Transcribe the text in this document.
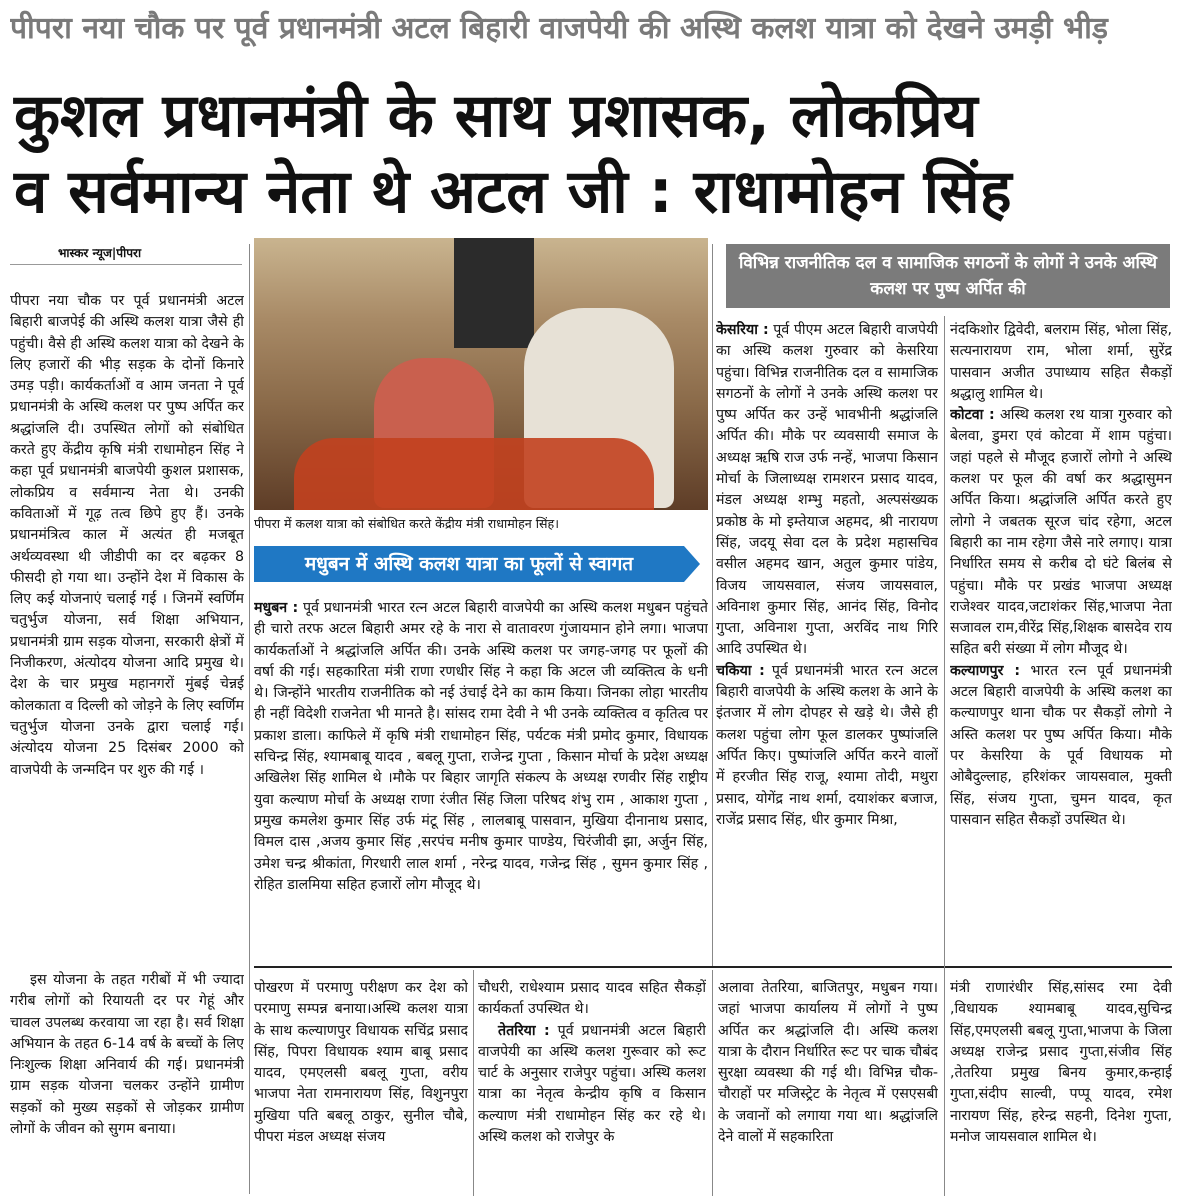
पीपरा नया चौक पर पूर्व प्रधानमंत्री अटल बिहारी वाजपेयी की अस्थि कलश यात्रा को देखने उमड़ी भीड़
कुशल प्रधानमंत्री के साथ प्रशासक, लोकप्रिय
व सर्वमान्य नेता थे अटल जी : राधामोहन सिंह
भास्कर न्यूज|पीपरा

पीपरा नया चौक पर पूर्व प्रधानमंत्री अटल बिहारी बाजपेई की अस्थि कलश यात्रा जैसे ही पहुंची। वैसे ही अस्थि कलश यात्रा को देखने के लिए हजारों की भीड़ सड़क के दोनों किनारे उमड़ पड़ी। कार्यकर्ताओं व आम जनता ने पूर्व प्रधानमंत्री के अस्थि कलश पर पुष्प अर्पित कर श्रद्धांजलि दी। उपस्थित लोगों को संबोधित करते हुए केंद्रीय कृषि मंत्री राधामोहन सिंह ने कहा पूर्व प्रधानमंत्री बाजपेयी कुशल प्रशासक, लोकप्रिय व सर्वमान्य नेता थे। उनकी कविताओं में गूढ़ तत्व छिपे हुए हैं। उनके प्रधानमंत्रित्व काल में अत्यंत ही मजबूत अर्थव्यवस्था थी जीडीपी का दर बढ़कर 8 फीसदी हो गया था। उन्होंने देश में विकास के लिए कई योजनाएं चलाई गई । जिनमें स्वर्णिम चतुर्भुज योजना, सर्व शिक्षा अभियान, प्रधानमंत्री ग्राम सड़क योजना, सरकारी क्षेत्रों में निजीकरण, अंत्योदय योजना आदि प्रमुख थे। देश के चार प्रमुख महानगरों मुंबई चेन्नई कोलकाता व दिल्ली को जोड़ने के लिए स्वर्णिम चतुर्भुज योजना उनके द्वारा चलाई गई।अंत्योदय योजना 25 दिसंबर 2000 को वाजपेयी के जन्मदिन पर शुरु की गई ।

इस योजना के तहत गरीबों में भी ज्यादा गरीब लोगों को रियायती दर पर गेहूं और चावल उपलब्ध करवाया जा रहा है। सर्व शिक्षा अभियान के तहत 6-14 वर्ष के बच्चों के लिए निःशुल्क शिक्षा अनिवार्य की गई। प्रधानमंत्री ग्राम सड़क योजना चलकर उन्होंने ग्रामीण सड़कों को मुख्य सड़कों से जोड़कर ग्रामीण लोगों के जीवन को सुगम बनाया।

पीपरा में कलश यात्रा को संबोधित करते केंद्रीय मंत्री राधामोहन सिंह।
मधुबन में अस्थि कलश यात्रा का फूलों से स्वागत

मधुबन : पूर्व प्रधानमंत्री भारत रत्न अटल बिहारी वाजपेयी का अस्थि कलश मधुबन पहुंचते ही चारो तरफ अटल बिहारी अमर रहे के नारा से वातावरण गुंजायमान होने लगा। भाजपा कार्यकर्ताओं ने श्रद्धांजलि अर्पित की। उनके अस्थि कलश पर जगह-जगह पर फूलों की वर्षा की गई। सहकारिता मंत्री राणा रणधीर सिंह ने कहा कि अटल जी व्यक्तित्व के धनी थे। जिन्होंने भारतीय राजनीतिक को नई उंचाई देने का काम किया। जिनका लोहा भारतीय ही नहीं विदेशी राजनेता भी मानते है। सांसद रामा देवी ने भी उनके व्यक्तित्व व कृतित्व पर प्रकाश डाला। काफिले में कृषि मंत्री राधामोहन सिंह, पर्यटक मंत्री प्रमोद कुमार, विधायक सचिन्द्र सिंह, श्यामबाबू यादव , बबलू गुप्ता, राजेन्द्र गुप्ता , किसान मोर्चा के प्रदेश अध्यक्ष अखिलेश सिंह शामिल थे ।मौके पर बिहार जागृति संकल्प के अध्यक्ष रणवीर सिंह राष्ट्रीय युवा कल्याण मोर्चा के अध्यक्ष राणा रंजीत सिंह जिला परिषद शंभु राम , आकाश गुप्ता , प्रमुख कमलेश कुमार सिंह उर्फ मंटू सिंह , लालबाबू पासवान, मुखिया दीनानाथ प्रसाद, विमल दास ,अजय कुमार सिंह ,सरपंच मनीष कुमार पाण्डेय, चिरंजीवी झा, अर्जुन सिंह, उमेश चन्द्र श्रीकांता, गिरधारी लाल शर्मा , नरेन्द्र यादव, गजेन्द्र सिंह , सुमन कुमार सिंह , रोहित डालमिया सहित हजारों लोग मौजूद थे।

विभिन्न राजनीतिक दल व सामाजिक सगठनों के लोगों ने उनके अस्थि कलश पर पुष्प अर्पित की

केसरिया : पूर्व पीएम अटल बिहारी वाजपेयी का अस्थि कलश गुरुवार को केसरिया पहुंचा। विभिन्न राजनीतिक दल व सामाजिक सगठनों के लोगों ने उनके अस्थि कलश पर पुष्प अर्पित कर उन्हें भावभीनी श्रद्धांजलि अर्पित की। मौके पर व्यवसायी समाज के अध्यक्ष ऋषि राज उर्फ नन्हें, भाजपा किसान मोर्चा के जिलाध्यक्ष रामशरन प्रसाद यादव, मंडल अध्यक्ष शम्भु महतो, अल्पसंख्यक प्रकोष्ठ के मो इम्तेयाज अहमद, श्री नारायण सिंह, जदयू सेवा दल के प्रदेश महासचिव वसील अहमद खान, अतुल कुमार पांडेय, विजय जायसवाल, संजय जायसवाल, अविनाश कुमार सिंह, आनंद सिंह, विनोद गुप्ता, अविनाश गुप्ता, अरविंद नाथ गिरि आदि उपस्थित थे।

चकिया : पूर्व प्रधानमंत्री भारत रत्न अटल बिहारी वाजपेयी के अस्थि कलश के आने के इंतजार में लोग दोपहर से खड़े थे। जैसे ही कलश पहुंचा लोग फूल डालकर पुष्पांजलि अर्पित किए। पुष्पांजलि अर्पित करने वालों में हरजीत सिंह राजू, श्यामा तोदी, मथुरा प्रसाद, योगेंद्र नाथ शर्मा, दयाशंकर बजाज, राजेंद्र प्रसाद सिंह, धीर कुमार मिश्रा,

नंदकिशोर द्विवेदी, बलराम सिंह, भोला सिंह, सत्यनारायण राम, भोला शर्मा, सुरेंद्र पासवान अजीत उपाध्याय सहित सैकड़ों श्रद्धालु शामिल थे।

कोटवा : अस्थि कलश रथ यात्रा गुरुवार को बेलवा, डुमरा एवं कोटवा में शाम पहुंचा। जहां पहले से मौजूद हजारों लोगो ने अस्थि कलश पर फूल की वर्षा कर श्रद्धासुमन अर्पित किया। श्रद्धांजलि अर्पित करते हुए लोगो ने जबतक सूरज चांद रहेगा, अटल बिहारी का नाम रहेगा जैसे नारे लगाए। यात्रा निर्धारित समय से करीब दो घंटे बिलंब से पहुंचा। मौके पर प्रखंड भाजपा अध्यक्ष राजेश्वर यादव,जटाशंकर सिंह,भाजपा नेता सजावल राम,वीरेंद्र सिंह,शिक्षक बासदेव राय सहित बरी संख्या में लोग मौजूद थे।

कल्याणपुर : भारत रत्न पूर्व प्रधानमंत्री अटल बिहारी वाजपेयी के अस्थि कलश का कल्याणपुर थाना चौक पर सैकड़ों लोगो ने अस्ति कलश पर पुष्प अर्पित किया। मौके पर केसरिया के पूर्व विधायक मो ओबैदुल्लाह, हरिशंकर जायसवाल, मुक्ती सिंह, संजय गुप्ता, चुमन यादव, कृत पासवान सहित सैकड़ों उपस्थित थे।

पोखरण में परमाणु परीक्षण कर देश को परमाणु सम्पन्न बनाया।अस्थि कलश यात्रा के साथ कल्याणपुर विधायक सचिंद्र प्रसाद सिंह, पिपरा विधायक श्याम बाबू प्रसाद यादव, एमएलसी बबलू गुप्ता, वरीय भाजपा नेता रामनारायण सिंह, विशुनपुरा मुखिया पति बबलू ठाकुर, सुनील चौबे, पीपरा मंडल अध्यक्ष संजय

चौधरी, राधेश्याम प्रसाद यादव सहित सैकड़ों कार्यकर्ता उपस्थित थे।

तेतरिया : पूर्व प्रधानमंत्री अटल बिहारी वाजपेयी का अस्थि कलश गुरूवार को रूट चार्ट के अनुसार राजेपुर पहुंचा। अस्थि कलश यात्रा का नेतृत्व केन्द्रीय कृषि व किसान कल्याण मंत्री राधामोहन सिंह कर रहे थे। अस्थि कलश को राजेपुर के

अलावा तेतरिया, बाजितपुर, मधुबन गया। जहां भाजपा कार्यालय में लोगों ने पुष्प अर्पित कर श्रद्धांजलि दी। अस्थि कलश यात्रा के दौरान निर्धारित रूट पर चाक चौबंद सुरक्षा व्यवस्था की गई थी। विभिन्न चौक-चौराहों पर मजिस्ट्रेट के नेतृत्व में एसएसबी के जवानों को लगाया गया था। श्रद्धांजलि देने वालों में सहकारिता

मंत्री राणारंधीर सिंह,सांसद रमा देवी ,विधायक श्यामबाबू यादव,सुचिन्द्र सिंह,एमएलसी बबलू गुप्ता,भाजपा के जिला अध्यक्ष राजेन्द्र प्रसाद गुप्ता,संजीव सिंह ,तेतरिया प्रमुख बिनय कुमार,कन्हाई गुप्ता,संदीप साल्वी, पप्पू यादव, रमेश नारायण सिंह, हरेन्द्र सहनी, दिनेश गुप्ता, मनोज जायसवाल शामिल थे।
